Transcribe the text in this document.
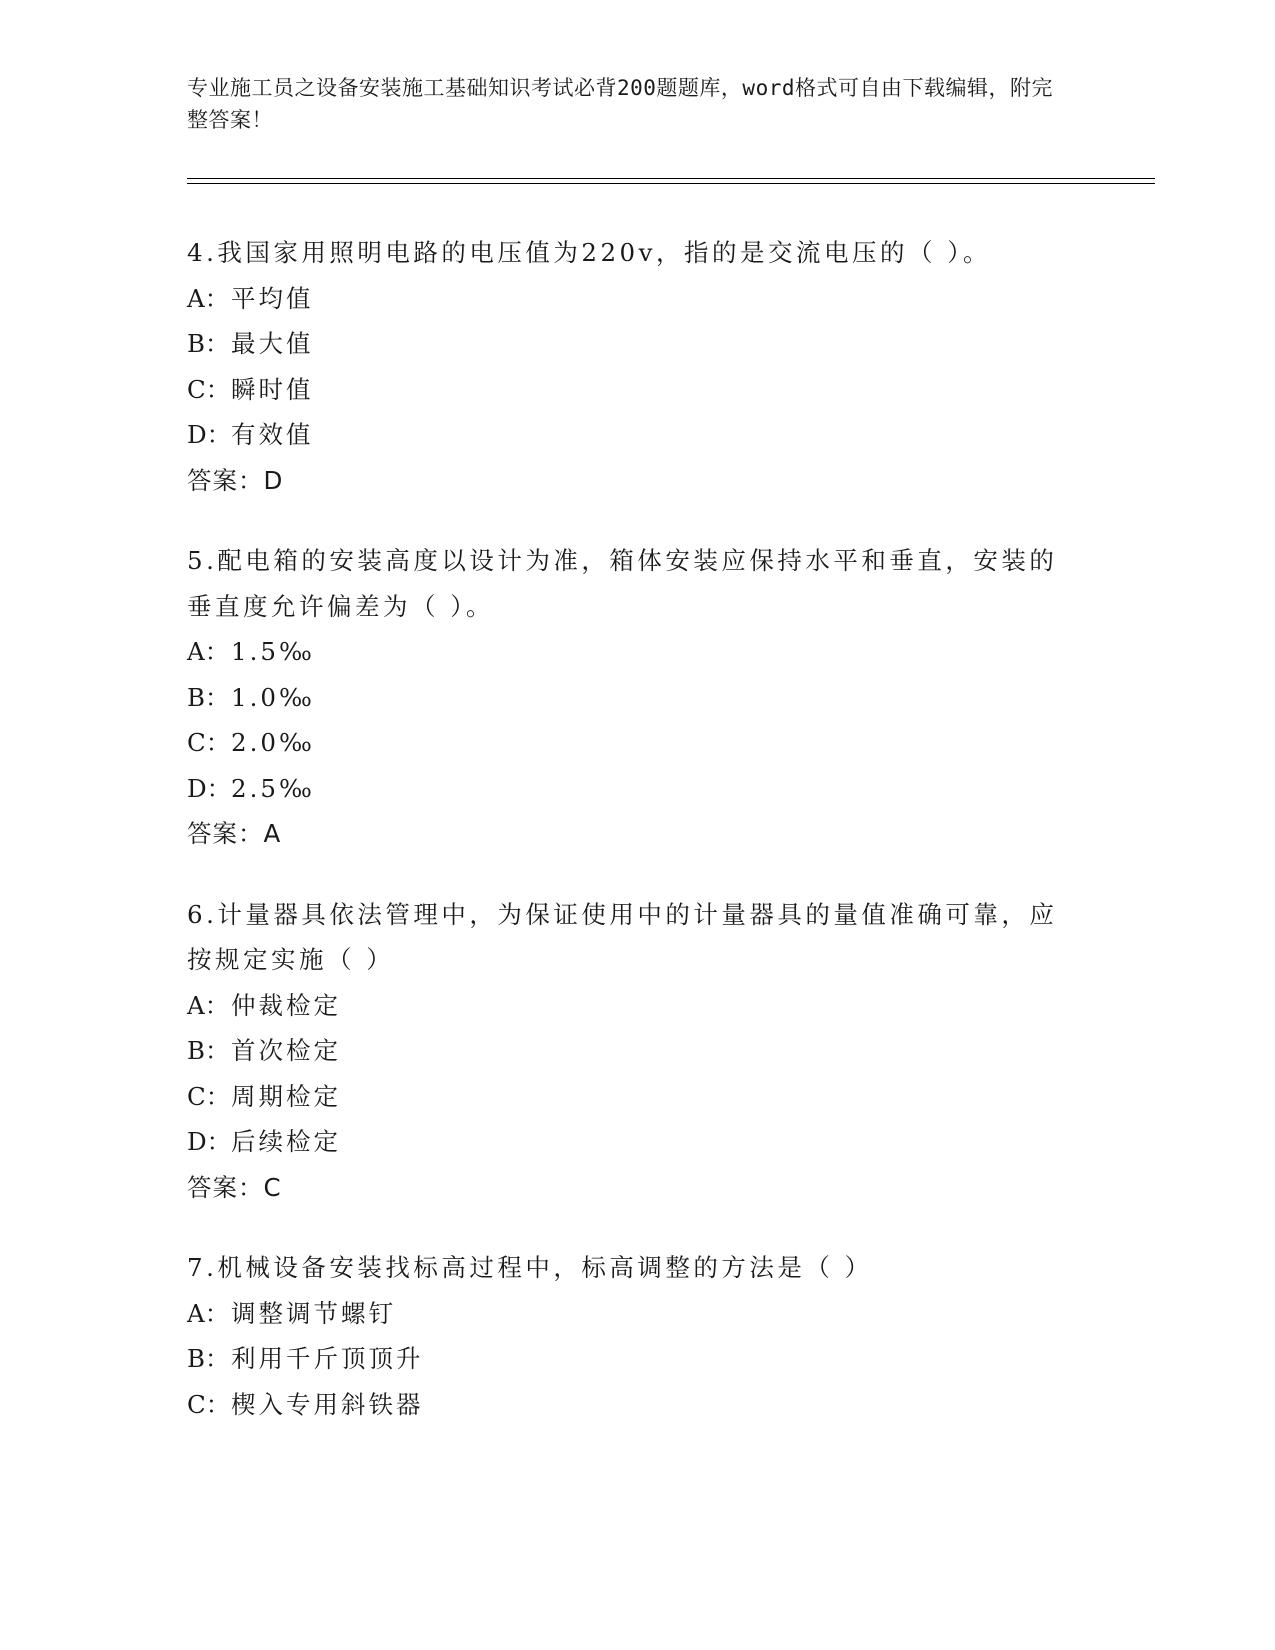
专业施工员之设备安装施工基础知识考试必背200题题库，word格式可自由下载编辑，附完整答案！
4.我国家用照明电路的电压值为220v，指的是交流电压的（ ）。
A：平均值
B：最大值
C：瞬时值
D：有效值
答案：D
5.配电箱的安装高度以设计为准，箱体安装应保持水平和垂直，安装的垂直度允许偏差为（ ）。
A：1.5‰
B：1.0‰
C：2.0‰
D：2.5‰
答案：A
6.计量器具依法管理中，为保证使用中的计量器具的量值准确可靠，应按规定实施（ ）
A：仲裁检定
B：首次检定
C：周期检定
D：后续检定
答案：C
7.机械设备安装找标高过程中，标高调整的方法是（ ）
A：调整调节螺钉
B：利用千斤顶顶升
C：楔入专用斜铁器
